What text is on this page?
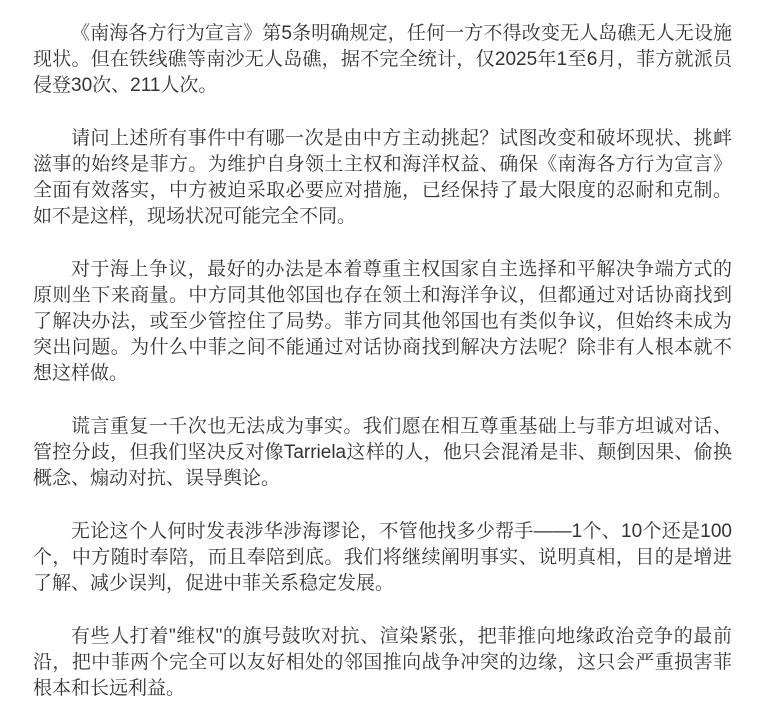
《南海各方行为宣言》第5条明确规定，任何一方不得改变无人岛礁无人无设施现状。但在铁线礁等南沙无人岛礁，据不完全统计，仅2025年1至6月，菲方就派员侵登30次、211人次。

请问上述所有事件中有哪一次是由中方主动挑起？试图改变和破坏现状、挑衅滋事的始终是菲方。为维护自身领土主权和海洋权益、确保《南海各方行为宣言》全面有效落实，中方被迫采取必要应对措施，已经保持了最大限度的忍耐和克制。如不是这样，现场状况可能完全不同。

对于海上争议，最好的办法是本着尊重主权国家自主选择和平解决争端方式的原则坐下来商量。中方同其他邻国也存在领土和海洋争议，但都通过对话协商找到了解决办法，或至少管控住了局势。菲方同其他邻国也有类似争议，但始终未成为突出问题。为什么中菲之间不能通过对话协商找到解决方法呢？除非有人根本就不想这样做。

谎言重复一千次也无法成为事实。我们愿在相互尊重基础上与菲方坦诚对话、管控分歧，但我们坚决反对像Tarriela这样的人，他只会混淆是非、颠倒因果、偷换概念、煽动对抗、误导舆论。

无论这个人何时发表涉华涉海谬论，不管他找多少帮手——1个、10个还是100个，中方随时奉陪，而且奉陪到底。我们将继续阐明事实、说明真相，目的是增进了解、减少误判，促进中菲关系稳定发展。

有些人打着"维权"的旗号鼓吹对抗、渲染紧张，把菲推向地缘政治竞争的最前沿，把中菲两个完全可以友好相处的邻国推向战争冲突的边缘，这只会严重损害菲根本和长远利益。
